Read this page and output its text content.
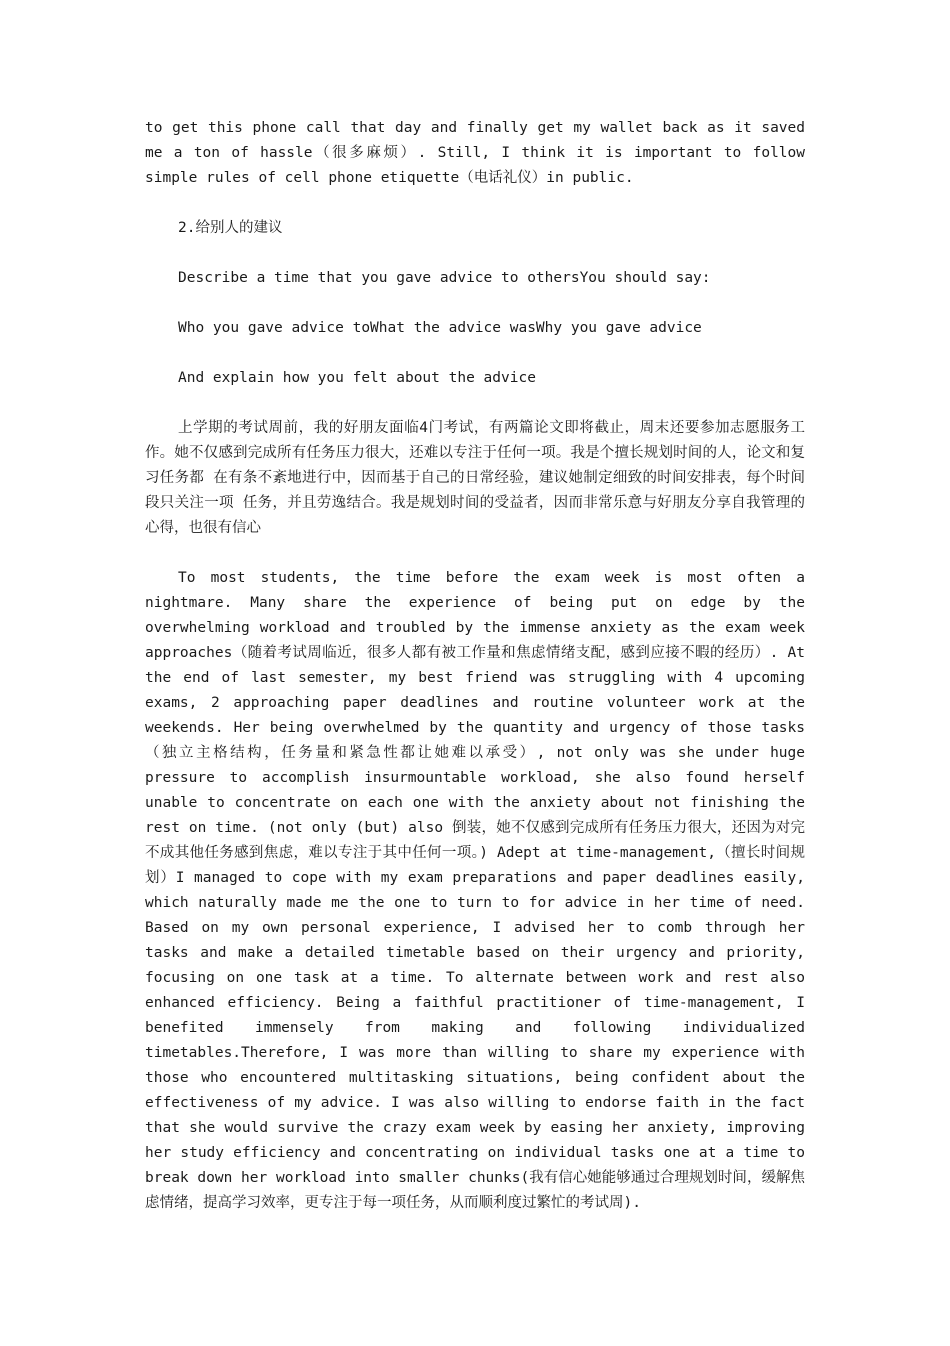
to get this phone call that day and finally get my wallet back as it saved me a ton of hassle（很多麻烦）. Still, I think it is important to follow simple rules of cell phone etiquette（电话礼仪）in public.

2.给别人的建议

Describe a time that you gave advice to othersYou should say:

Who you gave advice toWhat the advice wasWhy you gave advice

And explain how you felt about the advice

上学期的考试周前，我的好朋友面临4门考试，有两篇论文即将截止，周末还要参加志愿服务工作。她不仅感到完成所有任务压力很大，还难以专注于任何一项。我是个擅长规划时间的人，论文和复习任务都 在有条不紊地进行中，因而基于自己的日常经验，建议她制定细致的时间安排表，每个时间段只关注一项 任务，并且劳逸结合。我是规划时间的受益者，因而非常乐意与好朋友分享自我管理的心得，也很有信心

To most students, the time before the exam week is most often a nightmare. Many share the experience of being put on edge by the overwhelming workload and troubled by the immense anxiety as the exam week approaches（随着考试周临近，很多人都有被工作量和焦虑情绪支配，感到应接不暇的经历）. At the end of last semester, my best friend was struggling with 4 upcoming exams, 2 approaching paper deadlines and routine volunteer work at the weekends. Her being overwhelmed by the quantity and urgency of those tasks（独立主格结构，任务量和紧急性都让她难以承受）, not only was she under huge pressure to accomplish insurmountable workload, she also found herself unable to concentrate on each one with the anxiety about not finishing the rest on time. (not only (but) also 倒装，她不仅感到完成所有任务压力很大，还因为对完不成其他任务感到焦虑，难以专注于其中任何一项。) Adept at time-management,（擅长时间规划）I managed to cope with my exam preparations and paper deadlines easily, which naturally made me the one to turn to for advice in her time of need. Based on my own personal experience, I advised her to comb through her tasks and make a detailed timetable based on their urgency and priority, focusing on one task at a time. To alternate between work and rest also enhanced efficiency. Being a faithful practitioner of time-management, I benefited immensely from making and following individualized timetables.Therefore, I was more than willing to share my experience with those who encountered multitasking situations, being confident about the effectiveness of my advice. I was also willing to endorse faith in the fact that she would survive the crazy exam week by easing her anxiety, improving her study efficiency and concentrating on individual tasks one at a time to break down her workload into smaller chunks(我有信心她能够通过合理规划时间，缓解焦虑情绪，提高学习效率，更专注于每一项任务，从而顺利度过繁忙的考试周).
